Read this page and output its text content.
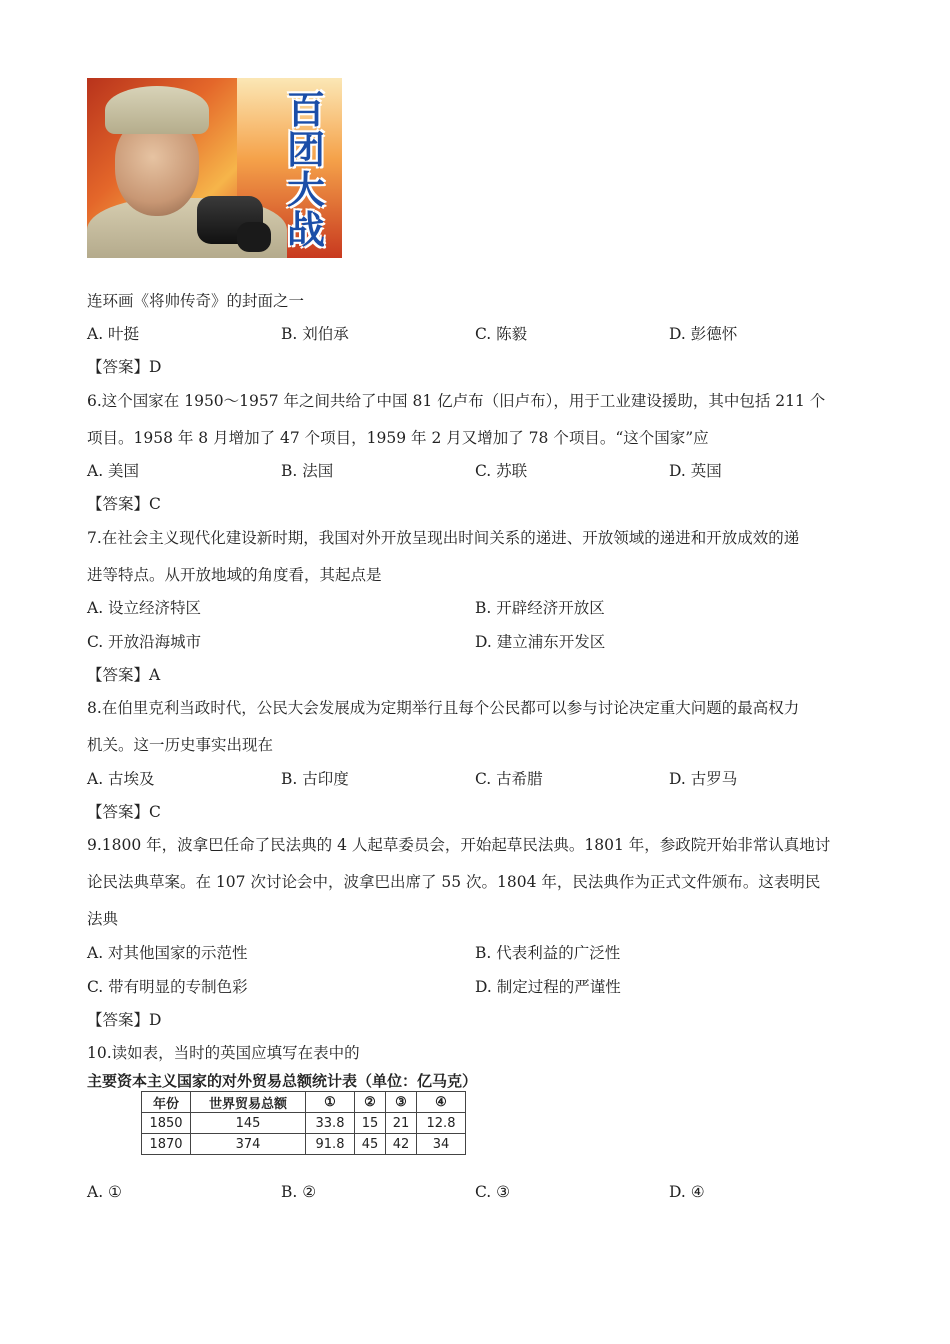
百团大战
连环画《将帅传奇》的封面之一
A. 叶挺	B. 刘伯承	C. 陈毅	D. 彭德怀
【答案】D
6.这个国家在 1950～1957 年之间共给了中国 81 亿卢布（旧卢布），用于工业建设援助，其中包括 211 个
项目。1958 年 8 月增加了 47 个项目，1959 年 2 月又增加了 78 个项目。“这个国家”应
A. 美国	B. 法国	C. 苏联	D. 英国
【答案】C
7.在社会主义现代化建设新时期，我国对外开放呈现出时间关系的递进、开放领域的递进和开放成效的递
进等特点。从开放地域的角度看，其起点是
A. 设立经济特区	B. 开辟经济开放区
C. 开放沿海城市	D. 建立浦东开发区
【答案】A
8.在伯里克利当政时代，公民大会发展成为定期举行且每个公民都可以参与讨论决定重大问题的最高权力
机关。这一历史事实出现在
A. 古埃及	B. 古印度	C. 古希腊	D. 古罗马
【答案】C
9.1800 年，波拿巴任命了民法典的 4 人起草委员会，开始起草民法典。1801 年，参政院开始非常认真地讨
论民法典草案。在 107 次讨论会中，波拿巴出席了 55 次。1804 年，民法典作为正式文件颁布。这表明民
法典
A. 对其他国家的示范性	B. 代表利益的广泛性
C. 带有明显的专制色彩	D. 制定过程的严谨性
【答案】D
10.读如表，当时的英国应填写在表中的
主要资本主义国家的对外贸易总额统计表（单位：亿马克）
年份	世界贸易总额	①	②	③	④
1850	145	33.8	15	21	12.8
1870	374	91.8	45	42	34
A. ①	B. ②	C. ③	D. ④
